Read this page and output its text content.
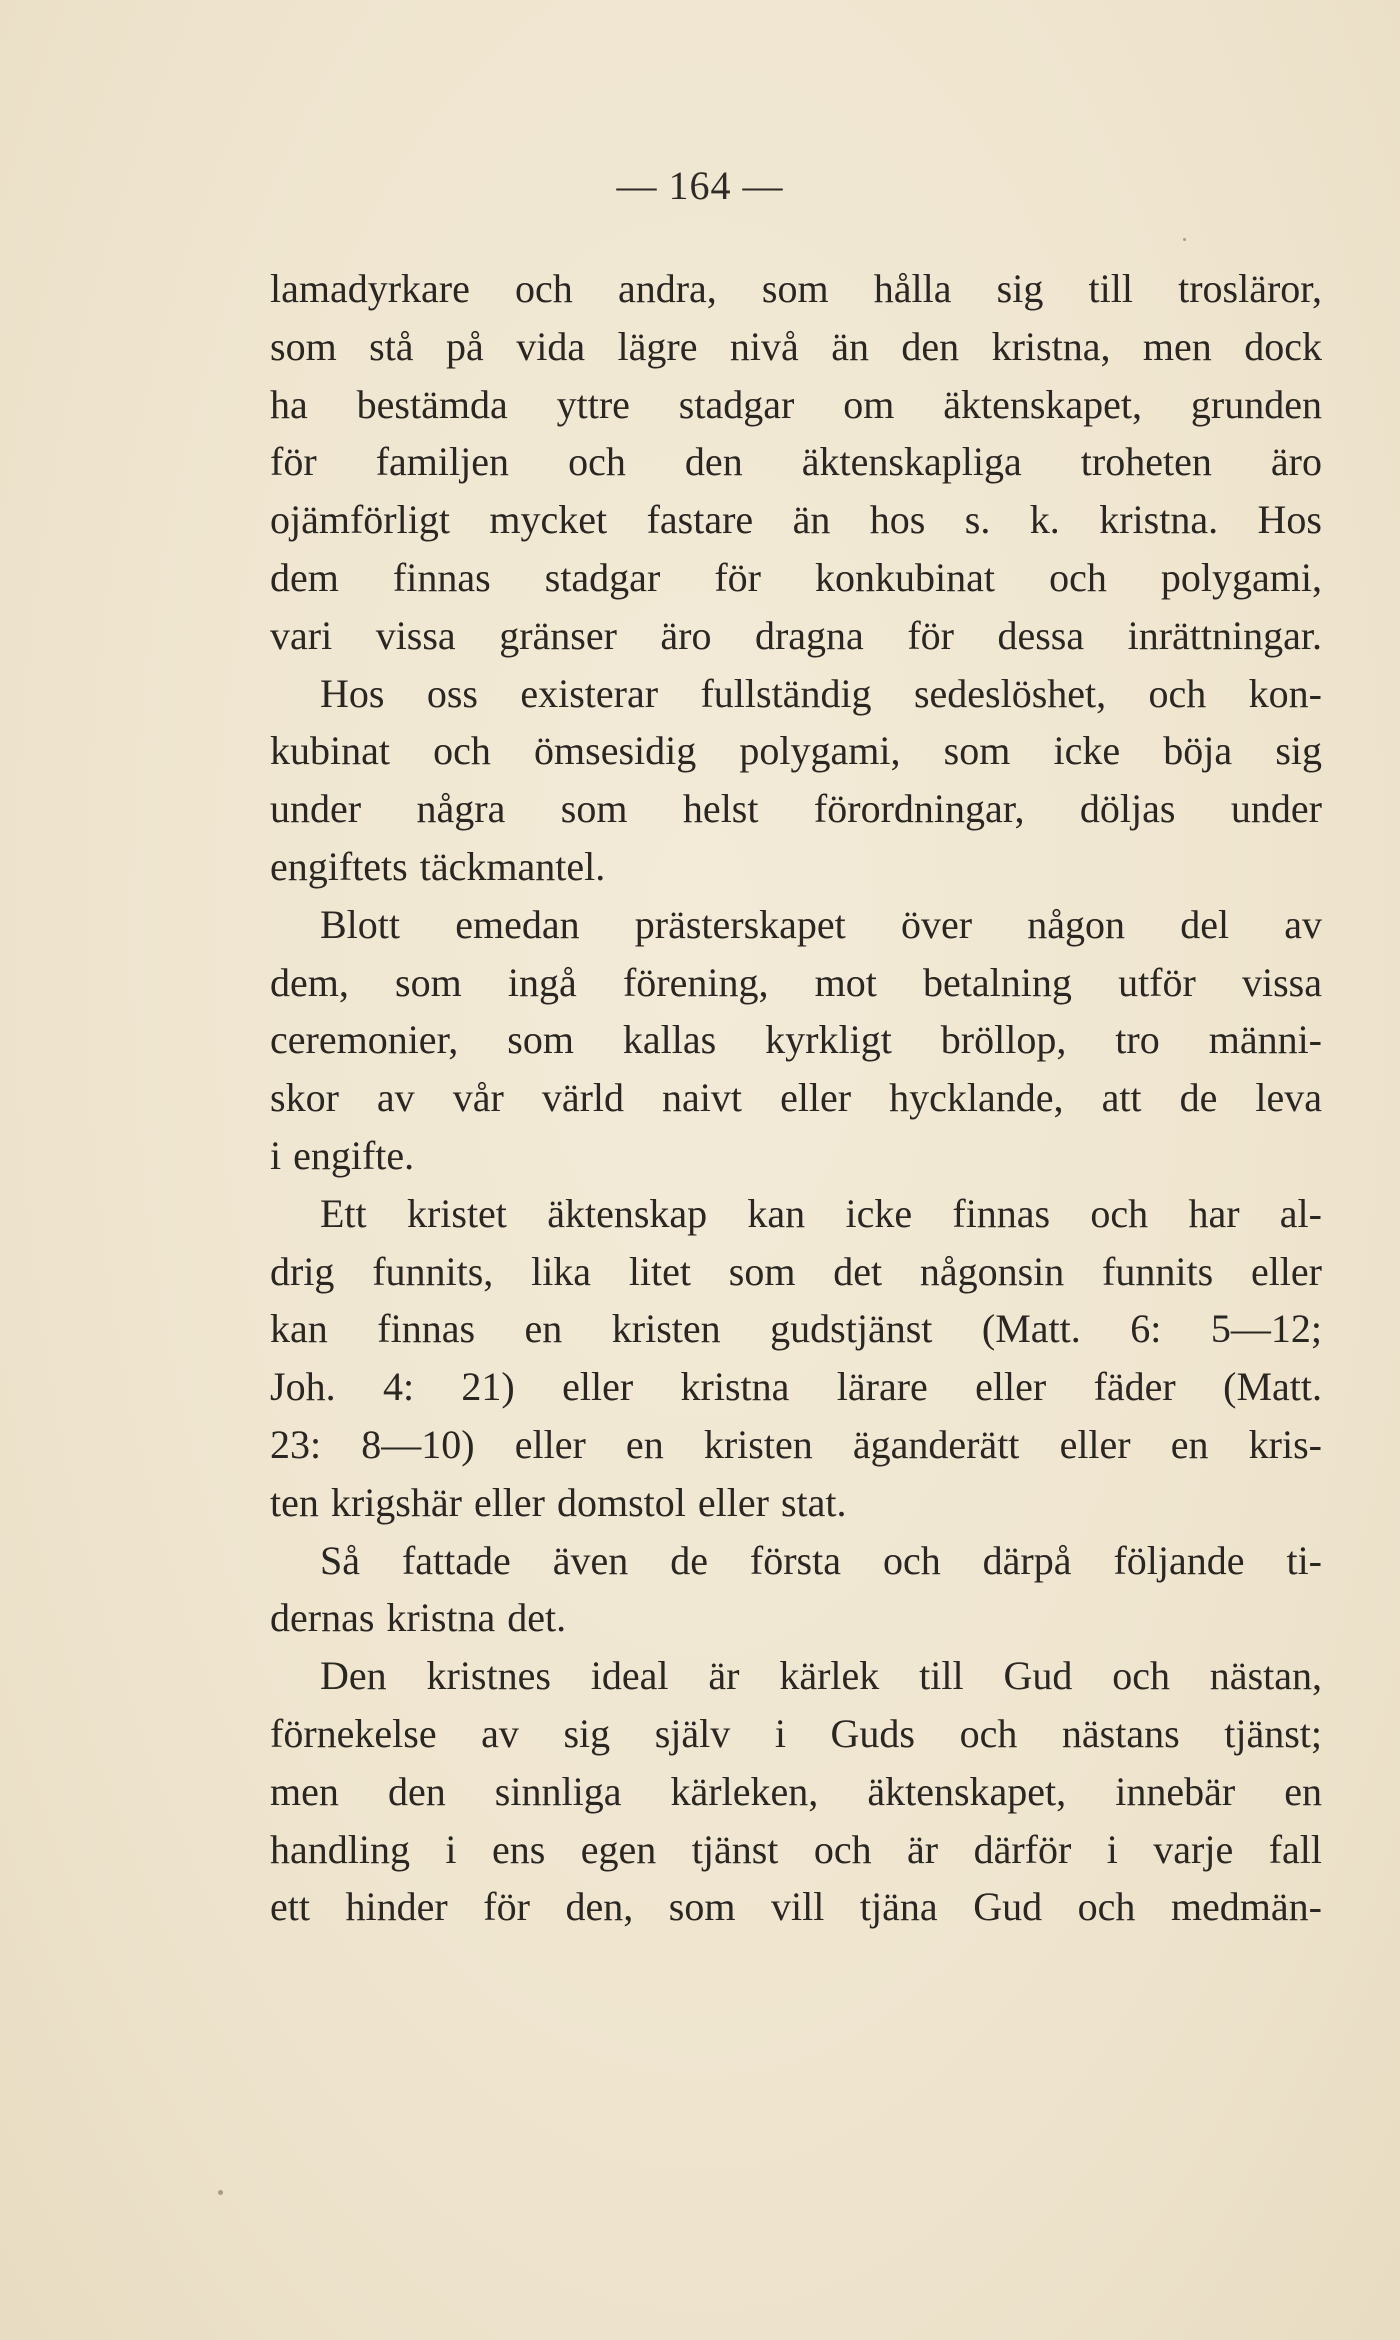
— 164 —
lamadyrkare och andra, som hålla sig till trosläror,
som stå på vida lägre nivå än den kristna, men dock
ha bestämda yttre stadgar om äktenskapet, grunden
för familjen och den äktenskapliga troheten äro
ojämförligt mycket fastare än hos s. k. kristna. Hos
dem finnas stadgar för konkubinat och polygami,
vari vissa gränser äro dragna för dessa inrättningar.
Hos oss existerar fullständig sedeslöshet, och kon-
kubinat och ömsesidig polygami, som icke böja sig
under några som helst förordningar, döljas under
engiftets täckmantel.
Blott emedan prästerskapet över någon del av
dem, som ingå förening, mot betalning utför vissa
ceremonier, som kallas kyrkligt bröllop, tro männi-
skor av vår värld naivt eller hycklande, att de leva
i engifte.
Ett kristet äktenskap kan icke finnas och har al-
drig funnits, lika litet som det någonsin funnits eller
kan finnas en kristen gudstjänst (Matt. 6: 5—12;
Joh. 4: 21) eller kristna lärare eller fäder (Matt.
23: 8—10) eller en kristen äganderätt eller en kris-
ten krigshär eller domstol eller stat.
Så fattade även de första och därpå följande ti-
dernas kristna det.
Den kristnes ideal är kärlek till Gud och nästan,
förnekelse av sig själv i Guds och nästans tjänst;
men den sinnliga kärleken, äktenskapet, innebär en
handling i ens egen tjänst och är därför i varje fall
ett hinder för den, som vill tjäna Gud och medmän-
